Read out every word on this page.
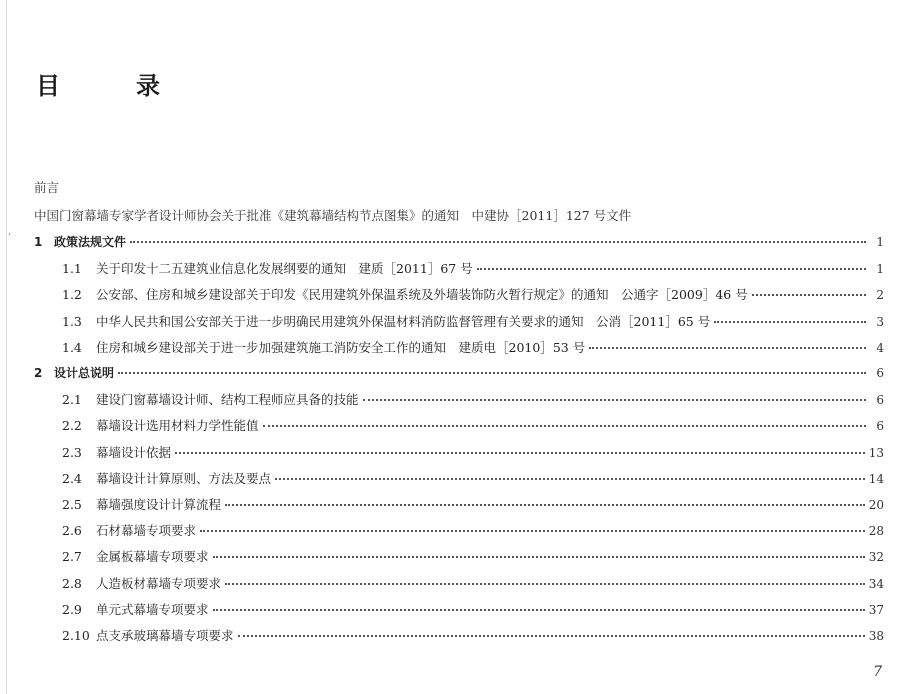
,
目　录
前言
中国门窗幕墙专家学者设计师协会关于批准《建筑幕墙结构节点图集》的通知　中建协［2011］127 号文件
1 政策法规文件	1
1.1	关于印发十二五建筑业信息化发展纲要的通知　建质［2011］67 号	1
1.2	公安部、住房和城乡建设部关于印发《民用建筑外保温系统及外墙装饰防火暂行规定》的通知　公通字［2009］46 号	2
1.3	中华人民共和国公安部关于进一步明确民用建筑外保温材料消防监督管理有关要求的通知　公消［2011］65 号	3
1.4	住房和城乡建设部关于进一步加强建筑施工消防安全工作的通知　建质电［2010］53 号	4
2 设计总说明	6
2.1	建设门窗幕墙设计师、结构工程师应具备的技能	6
2.2	幕墙设计选用材料力学性能值	6
2.3	幕墙设计依据	13
2.4	幕墙设计计算原则、方法及要点	14
2.5	幕墙强度设计计算流程	20
2.6	石材幕墙专项要求	28
2.7	金属板幕墙专项要求	32
2.8	人造板材幕墙专项要求	34
2.9	单元式幕墙专项要求	37
2.10 点支承玻璃幕墙专项要求	38
7
